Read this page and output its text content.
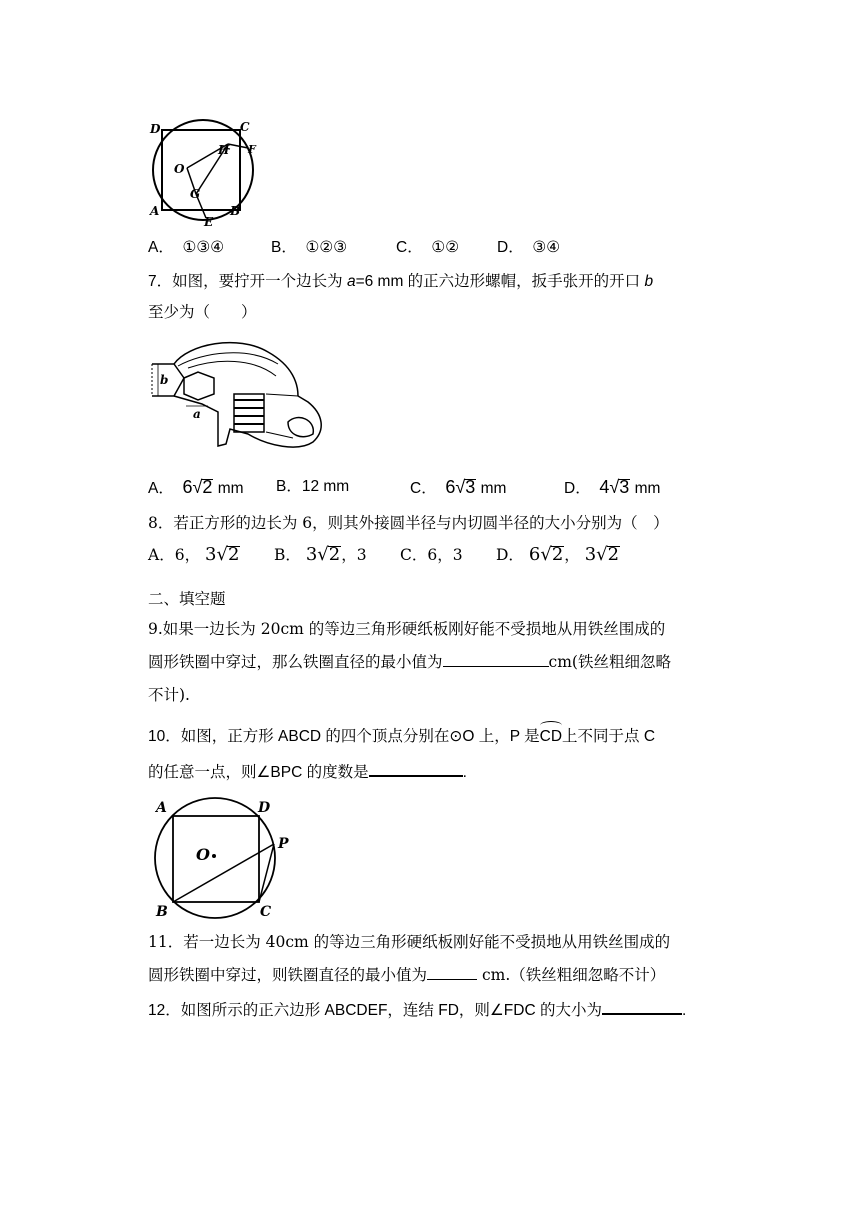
D	C
H F
O
G
A
E
B
A． ①③④	B． ①②③	C． ①② D． ③④
7．如图，要拧开一个边长为 a=6 mm 的正六边形螺帽，扳手张开的开口 b
至少为（　　）
b
a
A． 6√2 mm B．12 mm	C． 6√3 mm	D． 4√3 mm
8．若正方形的边长为 6，则其外接圆半径与内切圆半径的大小分别为（　）
A．6， 3√2 B． 3√2，3 C．6，3 D． 6√2， 3√2
二、填空题
9.如果一边长为 20cm 的等边三角形硬纸板刚好能不受损地从用铁丝围成的
圆形铁圈中穿过，那么铁圈直径的最小值为	cm(铁丝粗细忽略
不计).
10．如图，正方形 ABCD 的四个顶点分别在⊙O 上，P 是
CD上不同于点 C
的任意一点，则∠BPC 的度数是	.
A	D
O
P
B	C
11．若一边长为 40cm 的等边三角形硬纸板刚好能不受损地从用铁丝围成的
圆形铁圈中穿过，则铁圈直径的最小值为	cm.（铁丝粗细忽略不计）
12．如图所示的正六边形 ABCDEF，连结 FD，则∠FDC 的大小为	.
